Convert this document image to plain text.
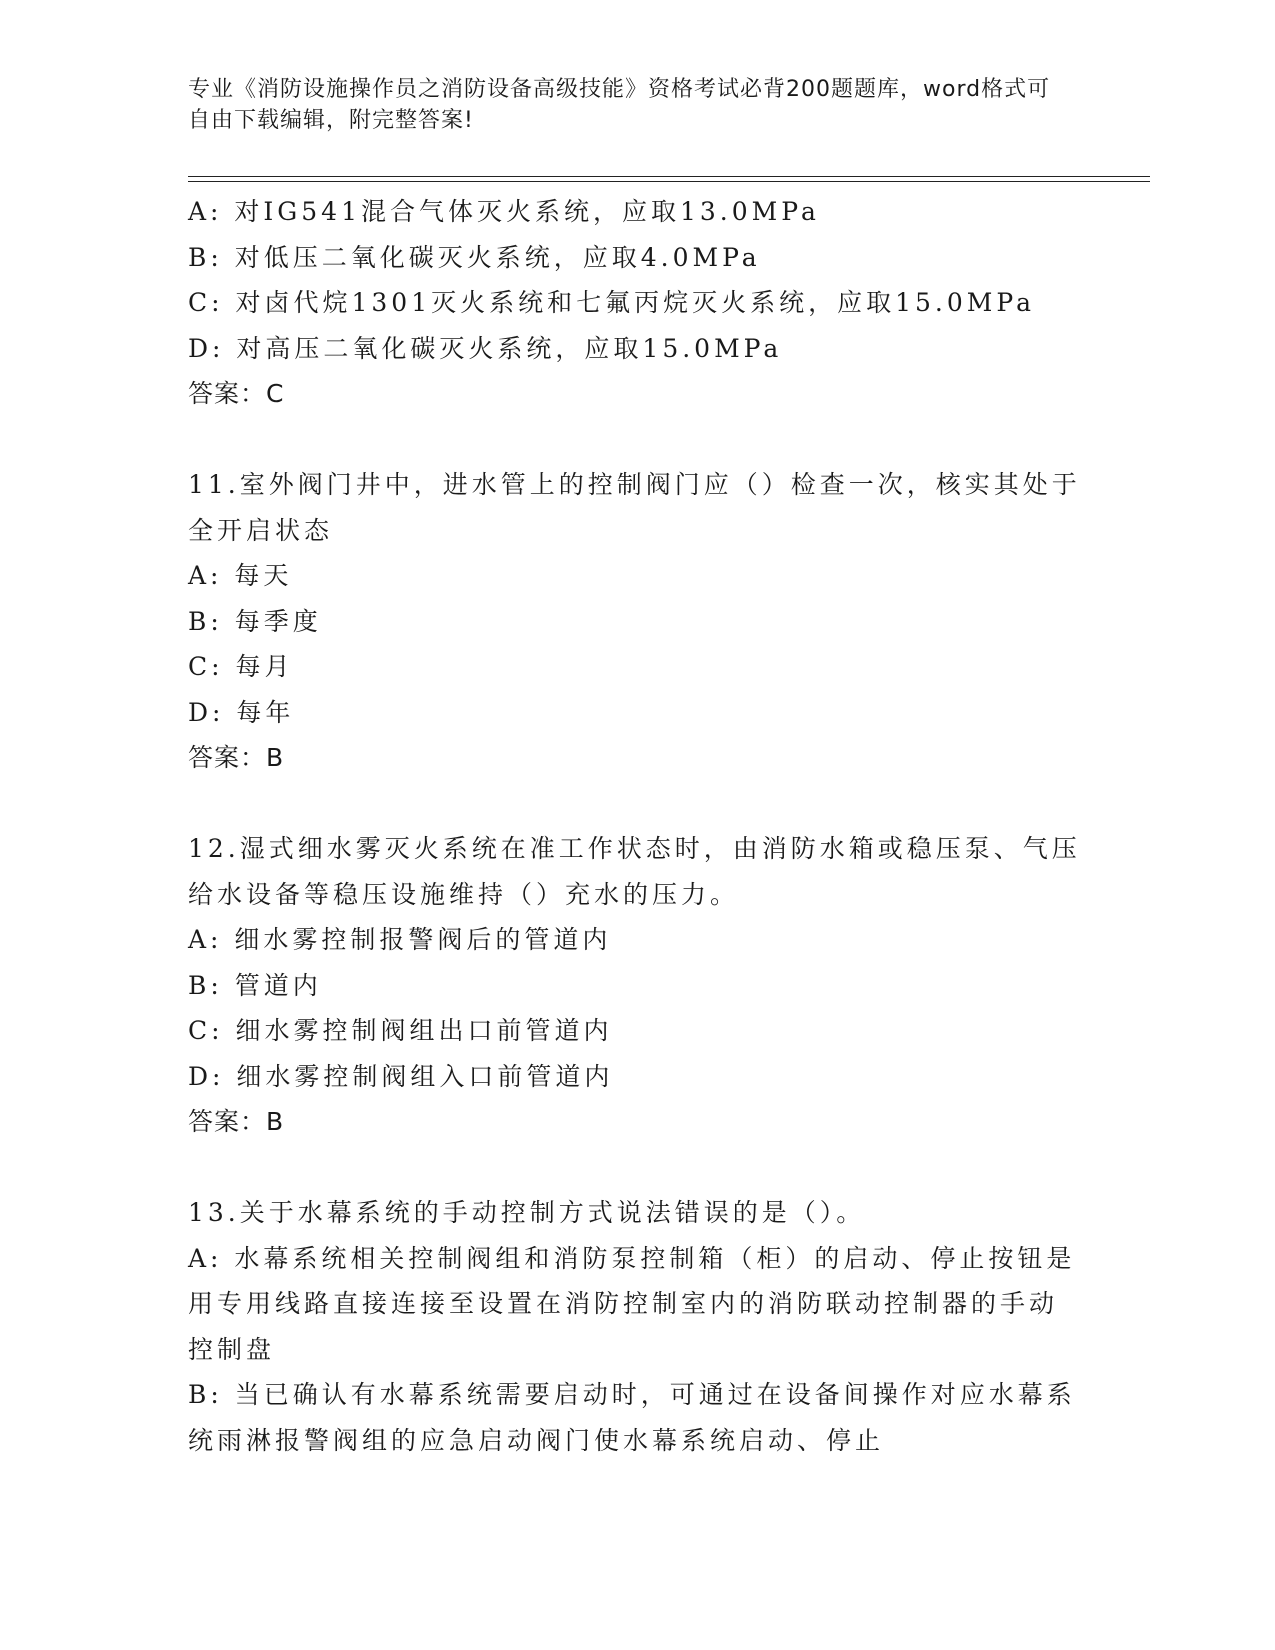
专业《消防设施操作员之消防设备高级技能》资格考试必背200题题库，word格式可自由下载编辑，附完整答案!
A: 对IG541混合气体灭火系统，应取13.0MPa
B: 对低压二氧化碳灭火系统，应取4.0MPa
C: 对卤代烷1301灭火系统和七氟丙烷灭火系统，应取15.0MPa
D: 对高压二氧化碳灭火系统，应取15.0MPa
答案：C
11.室外阀门井中，进水管上的控制阀门应（）检查一次，核实其处于
全开启状态
A: 每天
B: 每季度
C: 每月
D: 每年
答案：B
12.湿式细水雾灭火系统在准工作状态时，由消防水箱或稳压泵、气压
给水设备等稳压设施维持（）充水的压力。
A: 细水雾控制报警阀后的管道内
B: 管道内
C: 细水雾控制阀组出口前管道内
D: 细水雾控制阀组入口前管道内
答案：B
13.关于水幕系统的手动控制方式说法错误的是（）。
A: 水幕系统相关控制阀组和消防泵控制箱（柜）的启动、停止按钮是
用专用线路直接连接至设置在消防控制室内的消防联动控制器的手动
控制盘
B: 当已确认有水幕系统需要启动时，可通过在设备间操作对应水幕系
统雨淋报警阀组的应急启动阀门使水幕系统启动、停止
